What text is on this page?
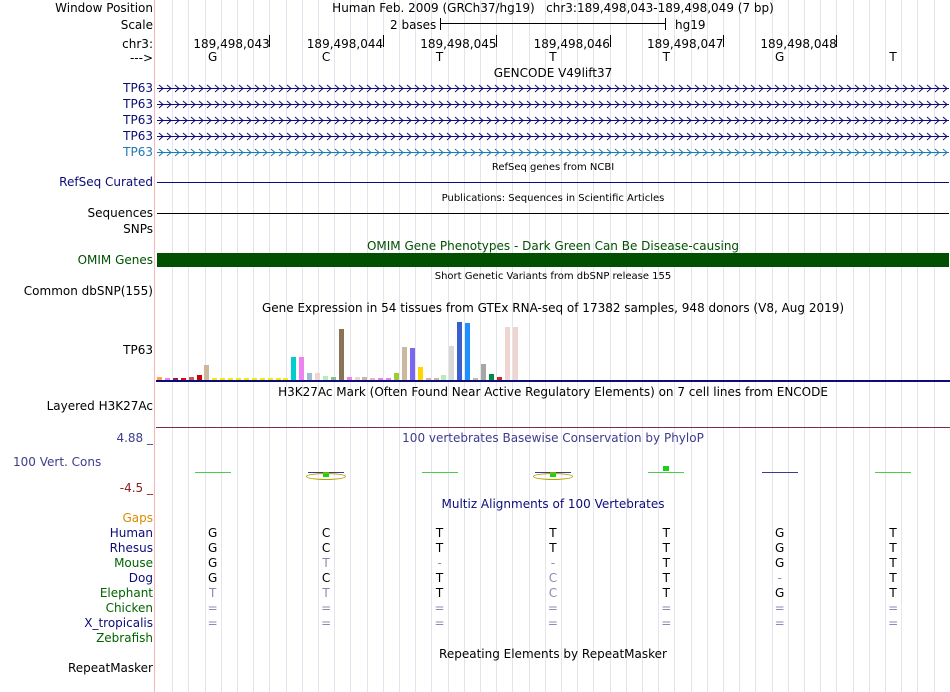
Window Position	Human Feb. 2009 (GRCh37/hg19)   chr3:189,498,043-189,498,049 (7 bp)
Scale	2 bases	hg19
chr3:
--->
189,498,043	189,498,044	189,498,045	189,498,046	189,498,047	189,498,048
G	C	T	T	T	G	T
GENCODE V49lift37
TP63
TP63
TP63
TP63
TP63
RefSeq genes from NCBI
RefSeq Curated
Publications: Sequences in Scientific Articles
Sequences
SNPs
OMIM Gene Phenotypes - Dark Green Can Be Disease-causing
OMIM Genes
Short Genetic Variants from dbSNP release 155
Common dbSNP(155)
Gene Expression in 54 tissues from GTEx RNA-seq of 17382 samples, 948 donors (V8, Aug 2019)
TP63
H3K27Ac Mark (Often Found Near Active Regulatory Elements) on 7 cell lines from ENCODE
Layered H3K27Ac
100 vertebrates Basewise Conservation by PhyloP
4.88 _
100 Vert. Cons
-4.5 _
Multiz Alignments of 100 Vertebrates
Gaps
Human	G	C	T	T	T	G	T
Rhesus	G	C	T	T	T	G	T
Mouse	G	T	-	-	T	G	T
Dog	G	C	T	C	T	-	T
Elephant	T	T	T	C	T	G	T
Chicken	=	=	=	=	=	=	=
X_tropicalis	=	=	=	=	=	=	=
Zebrafish
Repeating Elements by RepeatMasker
RepeatMasker
